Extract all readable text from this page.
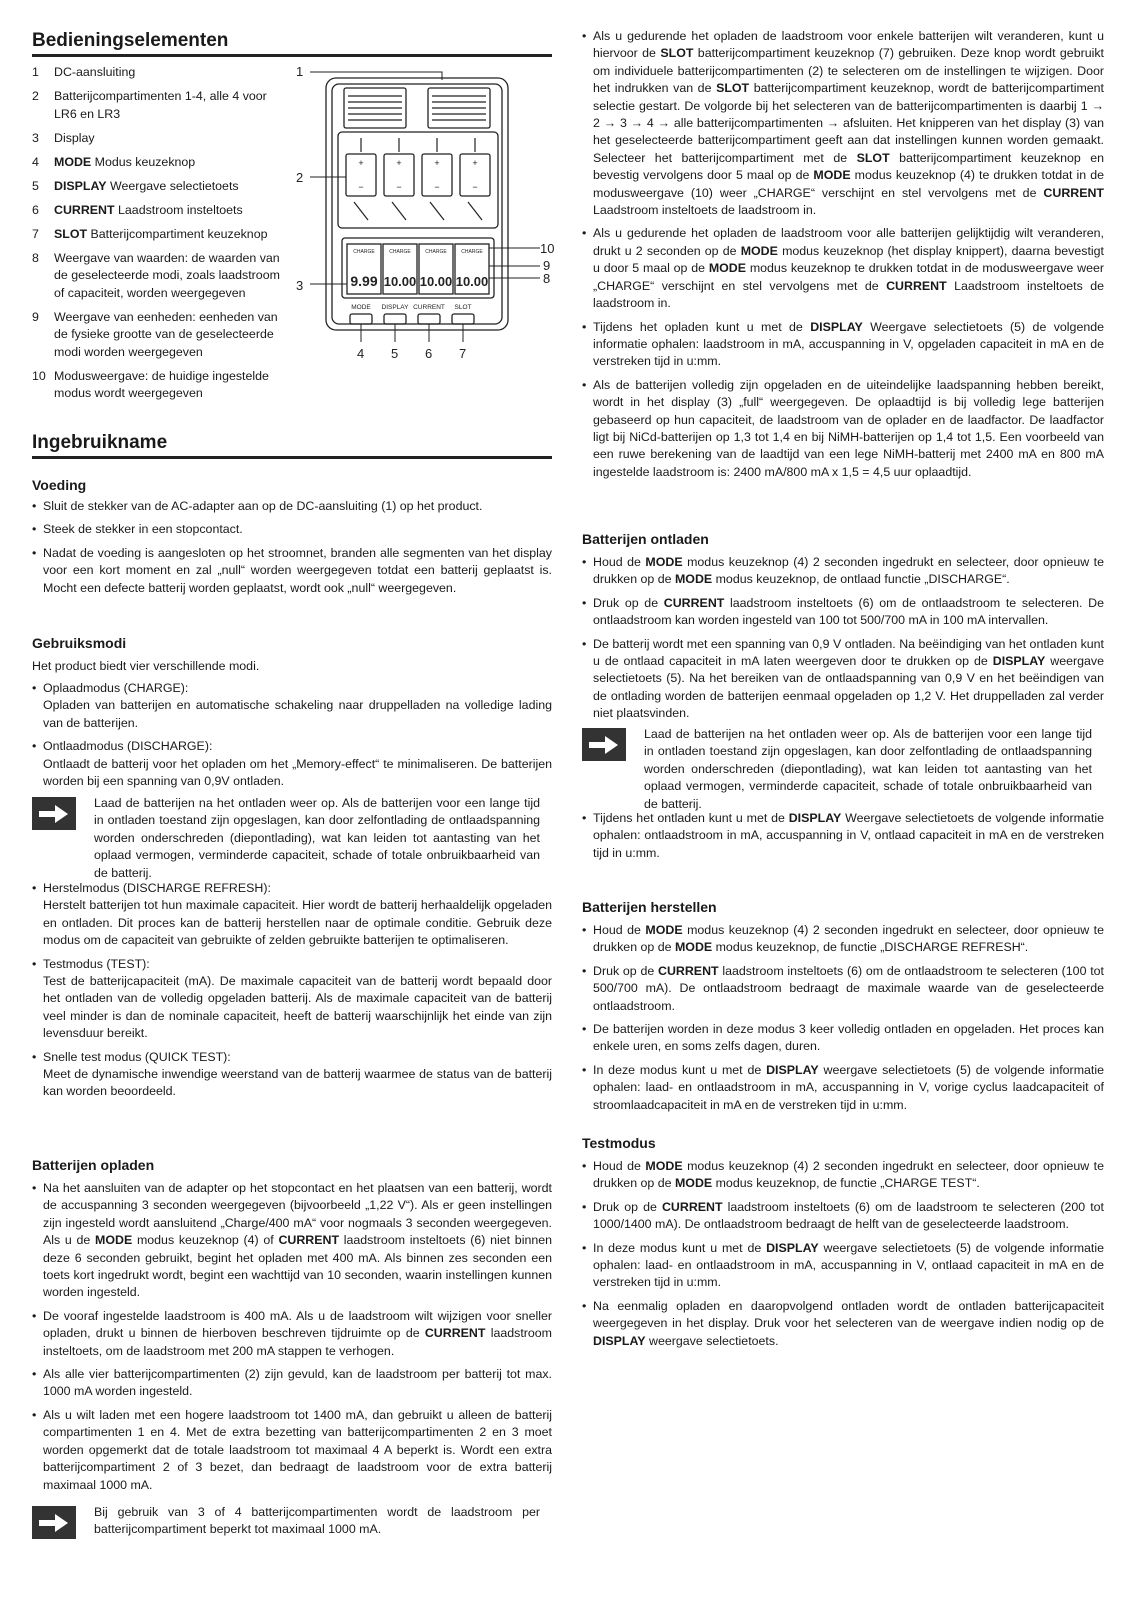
Bedieningselementen
1 DC-aansluiting
2 Batterijcompartimenten 1-4, alle 4 voor LR6 en LR3
3 Display
4 MODE Modus keuzeknop
5 DISPLAY Weergave selectietoets
6 CURRENT Laadstroom insteltoets
7 SLOT Batterijcompartiment keuzeknop
8 Weergave van waarden: de waarden van de geselecteerde modi, zoals laadstroom of capaciteit, worden weergegeven
9 Weergave van eenheden: eenheden van de fysieke grootte van de geselecteerde modi worden weergegeven
10 Modusweergave: de huidige ingestelde modus wordt weergegeven
+	+	+	+
−	−	−	−
CHARGE	CHARGE	CHARGE	CHARGE
9.99 10.00 10.00 10.00
MODE DISPLAY CURRENT SLOT
1
2
3
4 5 6 7
8
9
10
Ingebruikname
Voeding
• Sluit de stekker van de AC-adapter aan op de DC-aansluiting (1) op het product.
• Steek de stekker in een stopcontact.
• Nadat de voeding is aangesloten op het stroomnet, branden alle segmenten van het display voor een kort moment en zal „null“ worden weergegeven totdat een batterij geplaatst is. Mocht een defecte batterij worden geplaatst, wordt ook „null“ weergegeven.
Gebruiksmodi
Het product biedt vier verschillende modi.
• Oplaadmodus (CHARGE):
Opladen van batterijen en automatische schakeling naar druppelladen na volledige lading van de batterijen.
• Ontlaadmodus (DISCHARGE):
Ontlaadt de batterij voor het opladen om het „Memory-effect“ te minimaliseren. De batterijen worden bij een spanning van 0,9V ontladen.
Laad de batterijen na het ontladen weer op. Als de batterijen voor een lange tijd in ontladen toestand zijn opgeslagen, kan door zelfontlading de ontlaadspanning worden onderschreden (diepontlading), wat kan leiden tot aantasting van het oplaad vermogen, verminderde capaciteit, schade of totale onbruikbaarheid van de batterij.
• Herstelmodus (DISCHARGE REFRESH):
Herstelt batterijen tot hun maximale capaciteit. Hier wordt de batterij herhaaldelijk opgeladen en ontladen. Dit proces kan de batterij herstellen naar de optimale conditie. Gebruik deze modus om de capaciteit van gebruikte of zelden gebruikte batterijen te optimaliseren.
• Testmodus (TEST):
Test de batterijcapaciteit (mA). De maximale capaciteit van de batterij wordt bepaald door het ontladen van de volledig opgeladen batterij. Als de maximale capaciteit van de batterij veel minder is dan de nominale capaciteit, heeft de batterij waarschijnlijk het einde van zijn levensduur bereikt.
• Snelle test modus (QUICK TEST):
Meet de dynamische inwendige weerstand van de batterij waarmee de status van de batterij kan worden beoordeeld.
Batterijen opladen
• Na het aansluiten van de adapter op het stopcontact en het plaatsen van een batterij, wordt de accuspanning 3 seconden weergegeven (bijvoorbeeld „1,22 V“). Als er geen instellingen zijn ingesteld wordt aansluitend „Charge/400 mA“ voor nogmaals 3 seconden weergegeven. Als u de MODE modus keuzeknop (4) of CURRENT laadstroom insteltoets (6) niet binnen deze 6 seconden gebruikt, begint het opladen met 400 mA. Als binnen zes seconden een toets kort ingedrukt wordt, begint een wachttijd van 10 seconden, waarin instellingen kunnen worden ingesteld.
• De vooraf ingestelde laadstroom is 400 mA. Als u de laadstroom wilt wijzigen voor sneller opladen, drukt u binnen de hierboven beschreven tijdruimte op de CURRENT laadstroom insteltoets, om de laadstroom met 200 mA stappen te verhogen.
• Als alle vier batterijcompartimenten (2) zijn gevuld, kan de laadstroom per batterij tot max. 1000 mA worden ingesteld.
• Als u wilt laden met een hogere laadstroom tot 1400 mA, dan gebruikt u alleen de batterij compartimenten 1 en 4. Met de extra bezetting van batterijcompartimenten 2 en 3 moet worden opgemerkt dat de totale laadstroom tot maximaal 4 A beperkt is. Wordt een extra batterijcompartiment 2 of 3 bezet, dan bedraagt de laadstroom voor de extra batterij maximaal 1000 mA.
Bij gebruik van 3 of 4 batterijcompartimenten wordt de laadstroom per batterijcompartiment beperkt tot maximaal 1000 mA.
• Als u gedurende het opladen de laadstroom voor enkele batterijen wilt veranderen, kunt u hiervoor de SLOT batterijcompartiment keuzeknop (7) gebruiken. Deze knop wordt gebruikt om individuele batterijcompartimenten (2) te selecteren om de instellingen te wijzigen. Door het indrukken van de SLOT batterijcompartiment keuzeknop, wordt de batterijcompartiment selectie gestart. De volgorde bij het selecteren van de batterijcompartimenten is daarbij 1 → 2 → 3 → 4 → alle batterijcompartimenten → afsluiten. Het knipperen van het display (3) van het geselecteerde batterijcompartiment geeft aan dat instellingen kunnen worden gemaakt. Selecteer het batterijcompartiment met de SLOT batterijcompartiment keuzeknop en bevestig vervolgens door 5 maal op de MODE modus keuzeknop (4) te drukken totdat in de modusweergave (10) weer „CHARGE“ verschijnt en stel vervolgens met de CURRENT Laadstroom insteltoets de laadstroom in.
• Als u gedurende het opladen de laadstroom voor alle batterijen gelijktijdig wilt veranderen, drukt u 2 seconden op de MODE modus keuzeknop (het display knippert), daarna bevestigt u door 5 maal op de MODE modus keuzeknop te drukken totdat in de modusweergave weer „CHARGE“ verschijnt en stel vervolgens met de CURRENT Laadstroom insteltoets de laadstroom in.
• Tijdens het opladen kunt u met de DISPLAY Weergave selectietoets (5) de volgende informatie ophalen: laadstroom in mA, accuspanning in V, opgeladen capaciteit in mA en de verstreken tijd in u:mm.
• Als de batterijen volledig zijn opgeladen en de uiteindelijke laadspanning hebben bereikt, wordt in het display (3) „full“ weergegeven. De oplaadtijd is bij volledig lege batterijen gebaseerd op hun capaciteit, de laadstroom van de oplader en de laadfactor. De laadfactor ligt bij NiCd-batterijen op 1,3 tot 1,4 en bij NiMH-batterijen op 1,4 tot 1,5. Een voorbeeld van een ruwe berekening van de laadtijd van een lege NiMH-batterij met 2400 mA en 800 mA ingestelde laadstroom is: 2400 mA/800 mA x 1,5 = 4,5 uur oplaadtijd.
Batterijen ontladen
• Houd de MODE modus keuzeknop (4) 2 seconden ingedrukt en selecteer, door opnieuw te drukken op de MODE modus keuzeknop, de ontlaad functie „DISCHARGE“.
• Druk op de CURRENT laadstroom insteltoets (6) om de ontlaadstroom te selecteren. De ontlaadstroom kan worden ingesteld van 100 tot 500/700 mA in 100 mA intervallen.
• De batterij wordt met een spanning van 0,9 V ontladen. Na beëindiging van het ontladen kunt u de ontlaad capaciteit in mA laten weergeven door te drukken op de DISPLAY weergave selectietoets (5). Na het bereiken van de ontlaadspanning van 0,9 V en het beëindigen van de ontlading worden de batterijen eenmaal opgeladen op 1,2 V. Het druppelladen zal verder niet plaatsvinden.
Laad de batterijen na het ontladen weer op. Als de batterijen voor een lange tijd in ontladen toestand zijn opgeslagen, kan door zelfontlading de ontlaadspanning worden onderschreden (diepontlading), wat kan leiden tot aantasting van het oplaad vermogen, verminderde capaciteit, schade of totale onbruikbaarheid van de batterij.
• Tijdens het ontladen kunt u met de DISPLAY Weergave selectietoets de volgende informatie ophalen: ontlaadstroom in mA, accuspanning in V, ontlaad capaciteit in mA en de verstreken tijd in u:mm.
Batterijen herstellen
• Houd de MODE modus keuzeknop (4) 2 seconden ingedrukt en selecteer, door opnieuw te drukken op de MODE modus keuzeknop, de functie „DISCHARGE REFRESH“.
• Druk op de CURRENT laadstroom insteltoets (6) om de ontlaadstroom te selecteren (100 tot 500/700 mA). De ontlaadstroom bedraagt de maximale waarde van de geselecteerde ontlaadstroom.
• De batterijen worden in deze modus 3 keer volledig ontladen en opgeladen. Het proces kan enkele uren, en soms zelfs dagen, duren.
• In deze modus kunt u met de DISPLAY weergave selectietoets (5) de volgende informatie ophalen: laad- en ontlaadstroom in mA, accuspanning in V, vorige cyclus laadcapaciteit of stroomlaadcapaciteit in mA en de verstreken tijd in u:mm.
Testmodus
• Houd de MODE modus keuzeknop (4) 2 seconden ingedrukt en selecteer, door opnieuw te drukken op de MODE modus keuzeknop, de functie „CHARGE TEST“.
• Druk op de CURRENT laadstroom insteltoets (6) om de laadstroom te selecteren (200 tot 1000/1400 mA). De ontlaadstroom bedraagt de helft van de geselecteerde laadstroom.
• In deze modus kunt u met de DISPLAY weergave selectietoets (5) de volgende informatie ophalen: laad- en ontlaadstroom in mA, accuspanning in V, ontlaad capaciteit in mA en de verstreken tijd in u:mm.
• Na eenmalig opladen en daaropvolgend ontladen wordt de ontladen batterijcapaciteit weergegeven in het display. Druk voor het selecteren van de weergave indien nodig op de DISPLAY weergave selectietoets.
